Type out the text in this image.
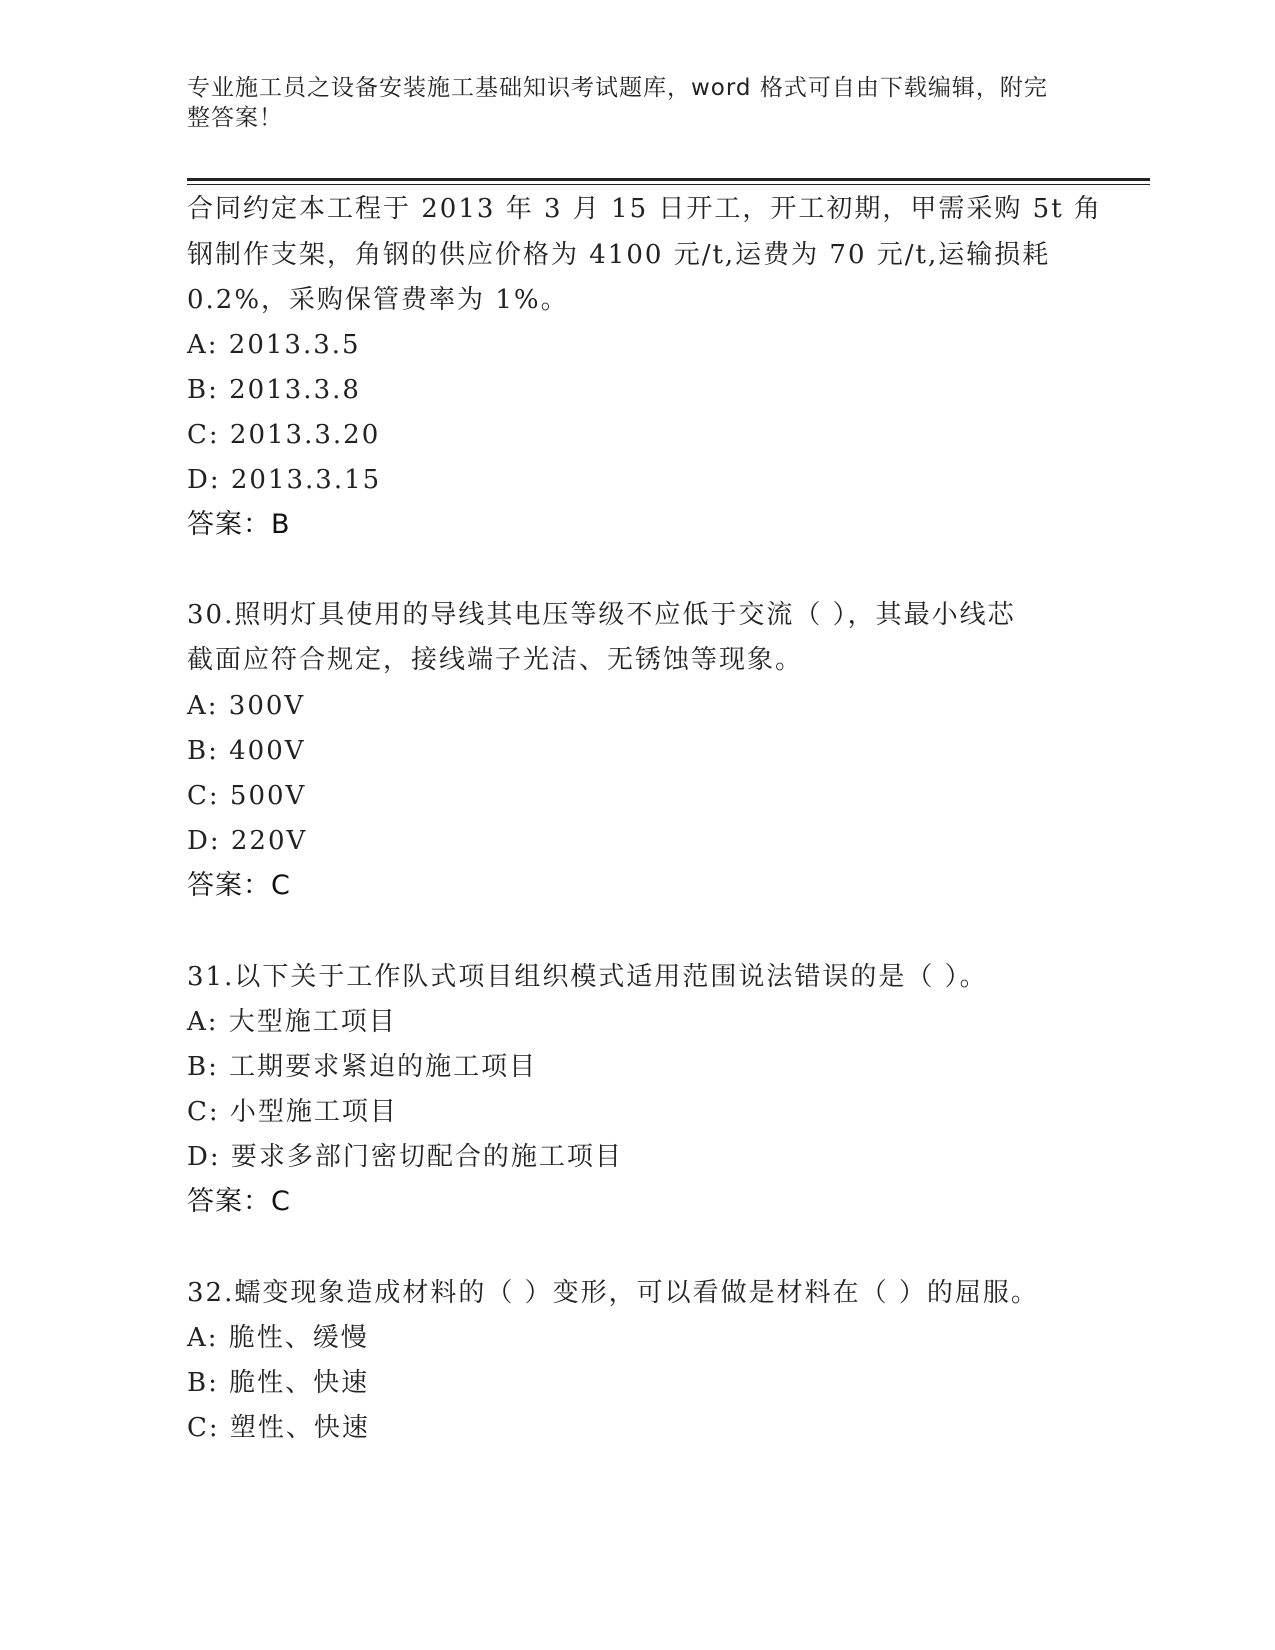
专业施工员之设备安装施工基础知识考试题库，word 格式可自由下载编辑，附完
整答案！
合同约定本工程于 2013 年 3 月 15 日开工，开工初期，甲需采购 5t 角
钢制作支架，角钢的供应价格为 4100 元/t,运费为 70 元/t,运输损耗
0.2%，采购保管费率为 1%。
A: 2013.3.5
B: 2013.3.8
C: 2013.3.20
D: 2013.3.15
答案：B
30.照明灯具使用的导线其电压等级不应低于交流（ ），其最小线芯
截面应符合规定，接线端子光洁、无锈蚀等现象。
A: 300V
B: 400V
C: 500V
D: 220V
答案：C
31.以下关于工作队式项目组织模式适用范围说法错误的是（ ）。
A: 大型施工项目
B: 工期要求紧迫的施工项目
C: 小型施工项目
D: 要求多部门密切配合的施工项目
答案：C
32.蠕变现象造成材料的（ ）变形，可以看做是材料在（ ）的屈服。
A: 脆性、缓慢
B: 脆性、快速
C: 塑性、快速
